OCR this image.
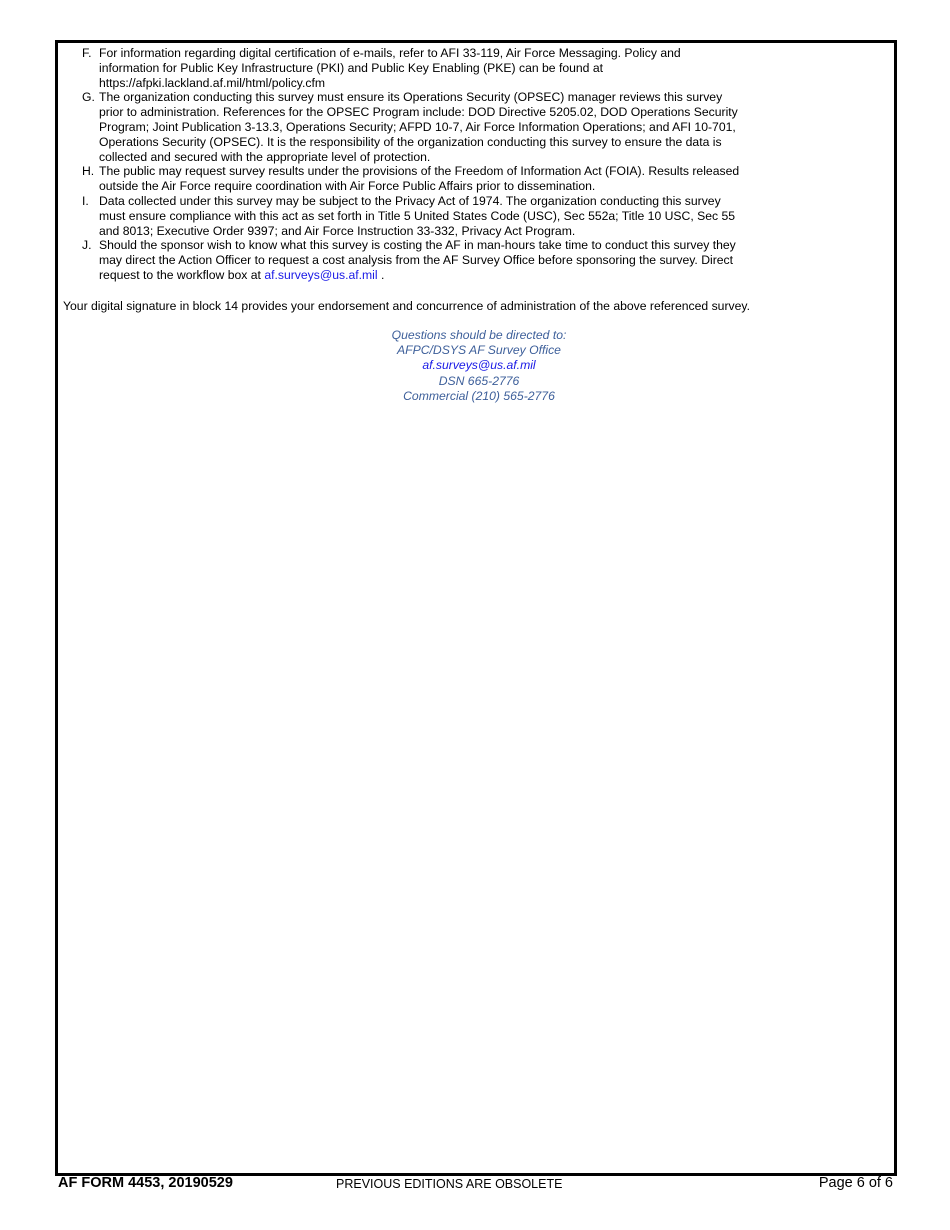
F. For information regarding digital certification of e-mails, refer to AFI 33-119, Air Force Messaging. Policy and information for Public Key Infrastructure (PKI) and Public Key Enabling (PKE) can be found at https://afpki.lackland.af.mil/html/policy.cfm
G. The organization conducting this survey must ensure its Operations Security (OPSEC) manager reviews this survey prior to administration. References for the OPSEC Program include: DOD Directive 5205.02, DOD Operations Security Program; Joint Publication 3-13.3, Operations Security; AFPD 10-7, Air Force Information Operations; and AFI 10-701, Operations Security (OPSEC). It is the responsibility of the organization conducting this survey to ensure the data is collected and secured with the appropriate level of protection.
H. The public may request survey results under the provisions of the Freedom of Information Act (FOIA). Results released outside the Air Force require coordination with Air Force Public Affairs prior to dissemination.
I. Data collected under this survey may be subject to the Privacy Act of 1974. The organization conducting this survey must ensure compliance with this act as set forth in Title 5 United States Code (USC), Sec 552a; Title 10 USC, Sec 55 and 8013; Executive Order 9397; and Air Force Instruction 33-332, Privacy Act Program.
J. Should the sponsor wish to know what this survey is costing the AF in man-hours take time to conduct this survey they may direct the Action Officer to request a cost analysis from the AF Survey Office before sponsoring the survey. Direct request to the workflow box at af.surveys@us.af.mil .
Your digital signature in block 14 provides your endorsement and concurrence of administration of the above referenced survey.
Questions should be directed to:
AFPC/DSYS AF Survey Office
af.surveys@us.af.mil
DSN 665-2776
Commercial (210) 565-2776
AF FORM 4453, 20190529	PREVIOUS EDITIONS ARE OBSOLETE	Page 6 of 6
